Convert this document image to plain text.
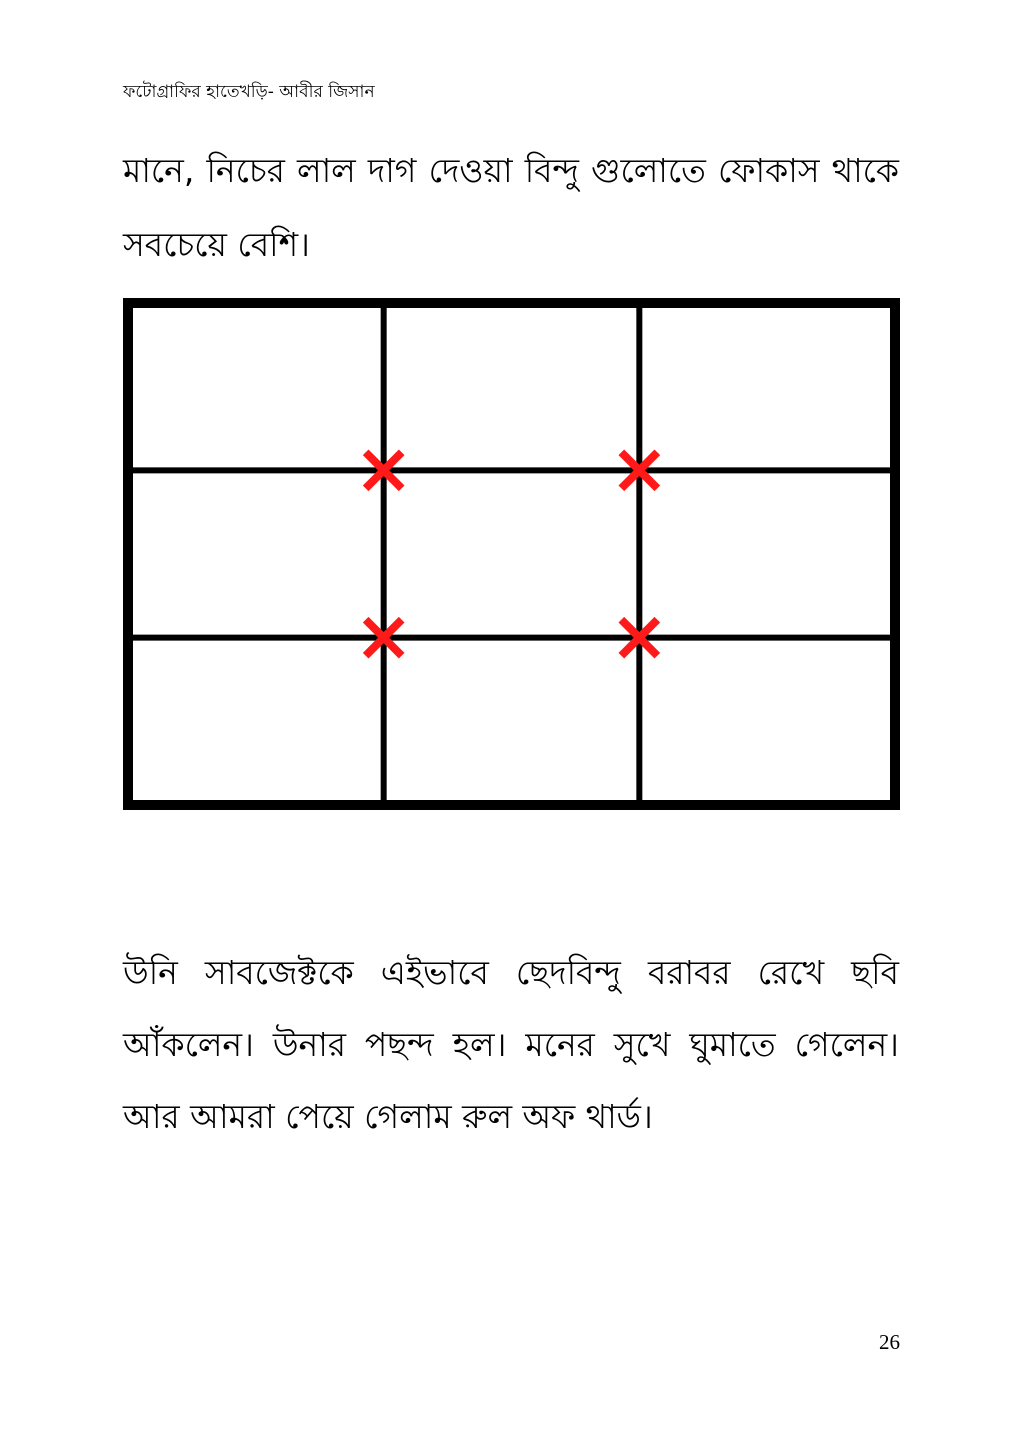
ফটোগ্রাফির হাতেখড়ি- আবীর জিসান

মানে, নিচের লাল দাগ দেওয়া বিন্দু গুলোতে ফোকাস থাকে সবচেয়ে বেশি।

উনি সাবজেক্টকে এইভাবে ছেদবিন্দু বরাবর রেখে ছবি আঁকলেন। উনার পছন্দ হল। মনের সুখে ঘুমাতে গেলেন। আর আমরা পেয়ে গেলাম রুল অফ থার্ড।

26
